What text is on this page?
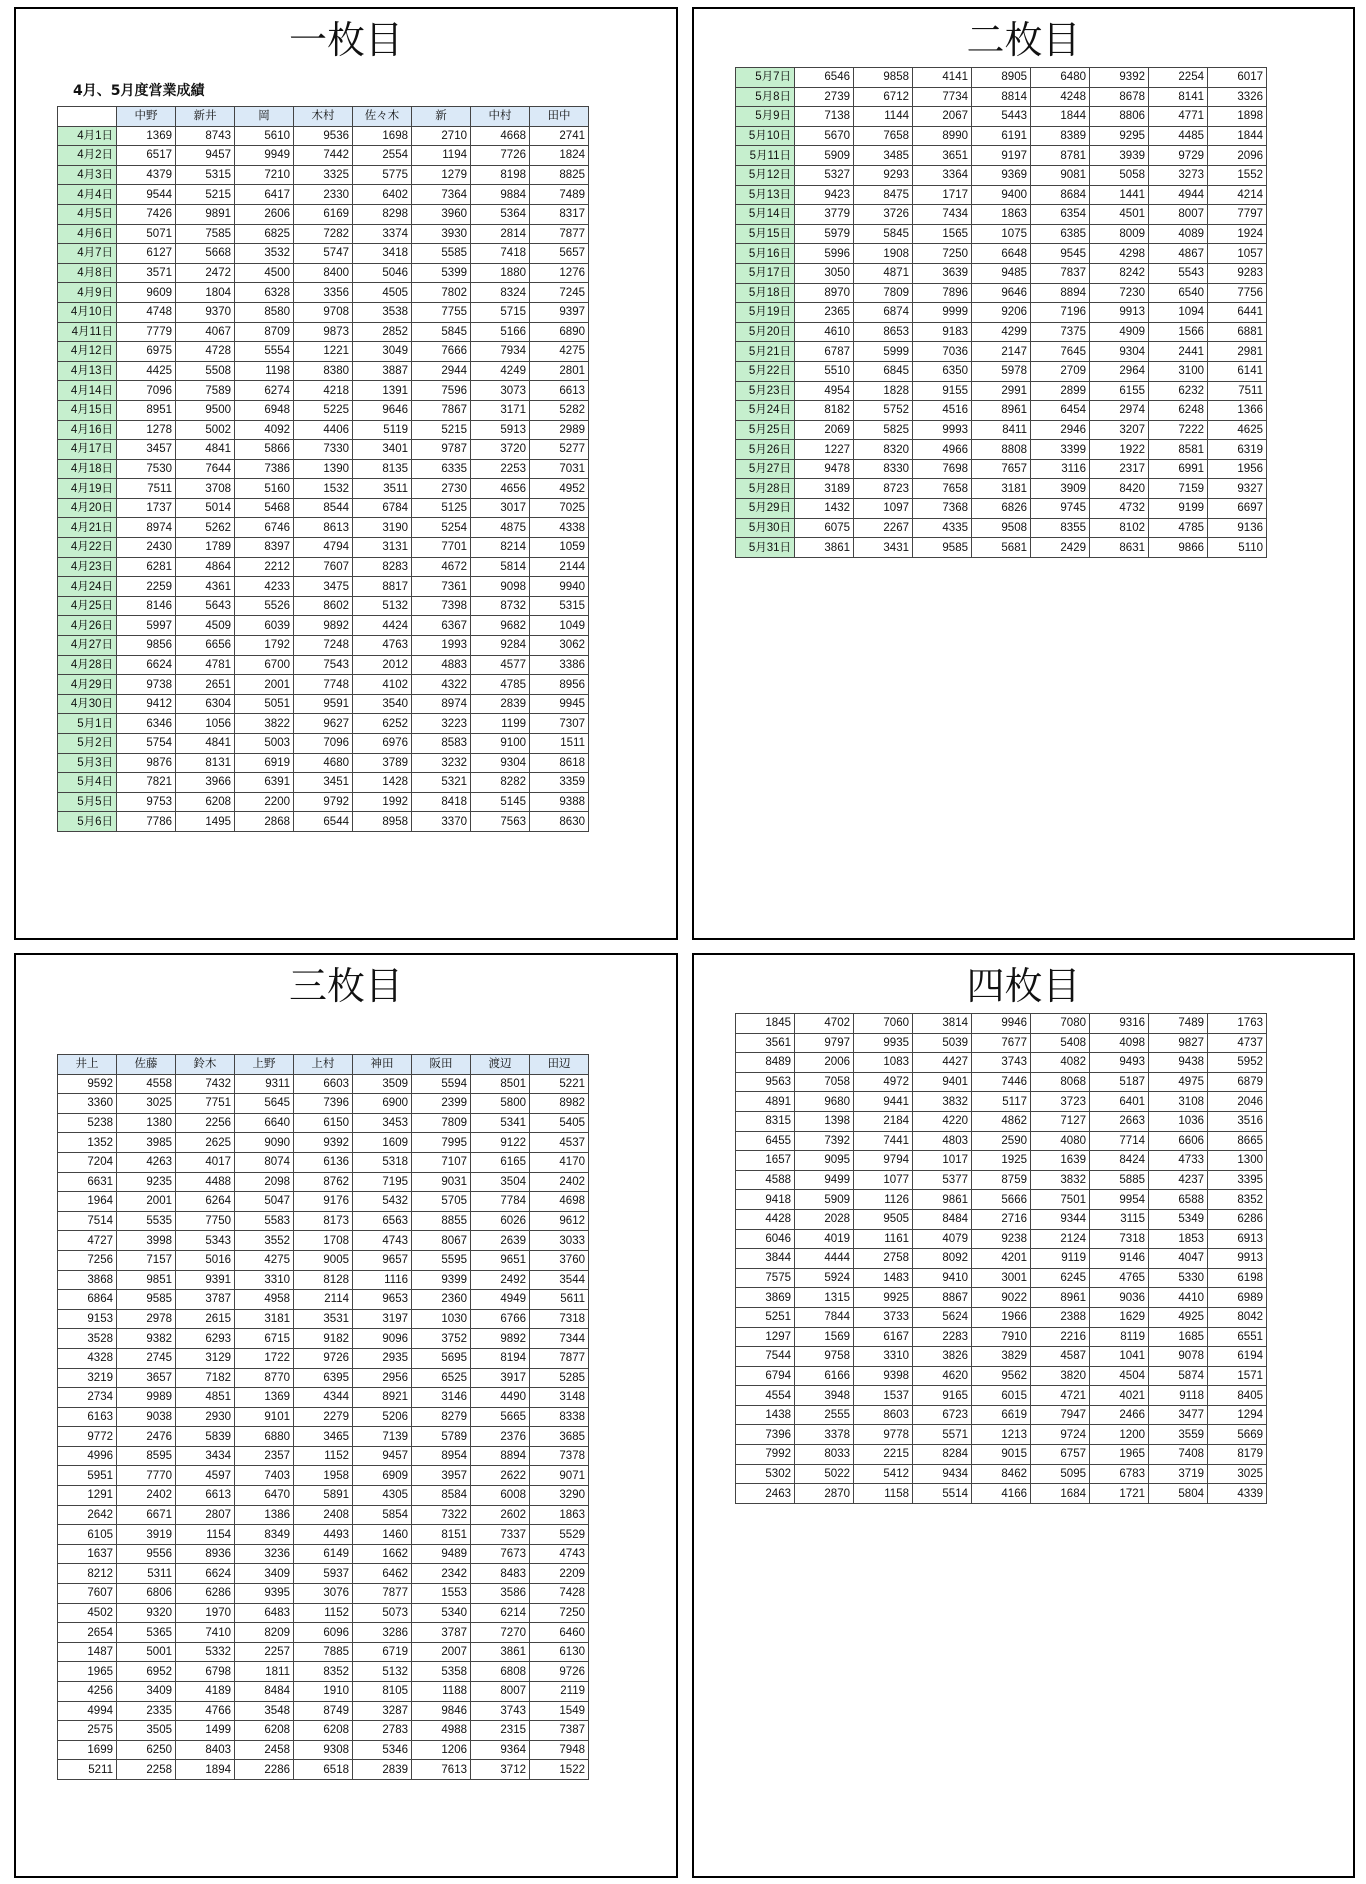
一枚目
4月、5月度営業成績
二枚目
三枚目	四枚目
	中野	新井	岡	木村	佐々木	新	中村	田中
4月1日	1369	8743	5610	9536	1698	2710	4668	2741
4月2日	6517	9457	9949	7442	2554	1194	7726	1824
4月3日	4379	5315	7210	3325	5775	1279	8198	8825
4月4日	9544	5215	6417	2330	6402	7364	9884	7489
4月5日	7426	9891	2606	6169	8298	3960	5364	8317
4月6日	5071	7585	6825	7282	3374	3930	2814	7877
4月7日	6127	5668	3532	5747	3418	5585	7418	5657
4月8日	3571	2472	4500	8400	5046	5399	1880	1276
4月9日	9609	1804	6328	3356	4505	7802	8324	7245
4月10日	4748	9370	8580	9708	3538	7755	5715	9397
4月11日	7779	4067	8709	9873	2852	5845	5166	6890
4月12日	6975	4728	5554	1221	3049	7666	7934	4275
4月13日	4425	5508	1198	8380	3887	2944	4249	2801
4月14日	7096	7589	6274	4218	1391	7596	3073	6613
4月15日	8951	9500	6948	5225	9646	7867	3171	5282
4月16日	1278	5002	4092	4406	5119	5215	5913	2989
4月17日	3457	4841	5866	7330	3401	9787	3720	5277
4月18日	7530	7644	7386	1390	8135	6335	2253	7031
4月19日	7511	3708	5160	1532	3511	2730	4656	4952
4月20日	1737	5014	5468	8544	6784	5125	3017	7025
4月21日	8974	5262	6746	8613	3190	5254	4875	4338
4月22日	2430	1789	8397	4794	3131	7701	8214	1059
4月23日	6281	4864	2212	7607	8283	4672	5814	2144
4月24日	2259	4361	4233	3475	8817	7361	9098	9940
4月25日	8146	5643	5526	8602	5132	7398	8732	5315
4月26日	5997	4509	6039	9892	4424	6367	9682	1049
4月27日	9856	6656	1792	7248	4763	1993	9284	3062
4月28日	6624	4781	6700	7543	2012	4883	4577	3386
4月29日	9738	2651	2001	7748	4102	4322	4785	8956
4月30日	9412	6304	5051	9591	3540	8974	2839	9945
5月1日	6346	1056	3822	9627	6252	3223	1199	7307
5月2日	5754	4841	5003	7096	6976	8583	9100	1511
5月3日	9876	8131	6919	4680	3789	3232	9304	8618
5月4日	7821	3966	6391	3451	1428	5321	8282	3359
5月5日	9753	6208	2200	9792	1992	8418	5145	9388
5月6日	7786	1495	2868	6544	8958	3370	7563	8630
5月7日	6546	9858	4141	8905	6480	9392	2254	6017
5月8日	2739	6712	7734	8814	4248	8678	8141	3326
5月9日	7138	1144	2067	5443	1844	8806	4771	1898
5月10日	5670	7658	8990	6191	8389	9295	4485	1844
5月11日	5909	3485	3651	9197	8781	3939	9729	2096
5月12日	5327	9293	3364	9369	9081	5058	3273	1552
5月13日	9423	8475	1717	9400	8684	1441	4944	4214
5月14日	3779	3726	7434	1863	6354	4501	8007	7797
5月15日	5979	5845	1565	1075	6385	8009	4089	1924
5月16日	5996	1908	7250	6648	9545	4298	4867	1057
5月17日	3050	4871	3639	9485	7837	8242	5543	9283
5月18日	8970	7809	7896	9646	8894	7230	6540	7756
5月19日	2365	6874	9999	9206	7196	9913	1094	6441
5月20日	4610	8653	9183	4299	7375	4909	1566	6881
5月21日	6787	5999	7036	2147	7645	9304	2441	2981
5月22日	5510	6845	6350	5978	2709	2964	3100	6141
5月23日	4954	1828	9155	2991	2899	6155	6232	7511
5月24日	8182	5752	4516	8961	6454	2974	6248	1366
5月25日	2069	5825	9993	8411	2946	3207	7222	4625
5月26日	1227	8320	4966	8808	3399	1922	8581	6319
5月27日	9478	8330	7698	7657	3116	2317	6991	1956
5月28日	3189	8723	7658	3181	3909	8420	7159	9327
5月29日	1432	1097	7368	6826	9745	4732	9199	6697
5月30日	6075	2267	4335	9508	8355	8102	4785	9136
5月31日	3861	3431	9585	5681	2429	8631	9866	5110
井上	佐藤	鈴木	上野	上村	神田	阪田	渡辺	田辺
9592	4558	7432	9311	6603	3509	5594	8501	5221
3360	3025	7751	5645	7396	6900	2399	5800	8982
5238	1380	2256	6640	6150	3453	7809	5341	5405
1352	3985	2625	9090	9392	1609	7995	9122	4537
7204	4263	4017	8074	6136	5318	7107	6165	4170
6631	9235	4488	2098	8762	7195	9031	3504	2402
1964	2001	6264	5047	9176	5432	5705	7784	4698
7514	5535	7750	5583	8173	6563	8855	6026	9612
4727	3998	5343	3552	1708	4743	8067	2639	3033
7256	7157	5016	4275	9005	9657	5595	9651	3760
3868	9851	9391	3310	8128	1116	9399	2492	3544
6864	9585	3787	4958	2114	9653	2360	4949	5611
9153	2978	2615	3181	3531	3197	1030	6766	7318
3528	9382	6293	6715	9182	9096	3752	9892	7344
4328	2745	3129	1722	9726	2935	5695	8194	7877
3219	3657	7182	8770	6395	2956	6525	3917	5285
2734	9989	4851	1369	4344	8921	3146	4490	3148
6163	9038	2930	9101	2279	5206	8279	5665	8338
9772	2476	5839	6880	3465	7139	5789	2376	3685
4996	8595	3434	2357	1152	9457	8954	8894	7378
5951	7770	4597	7403	1958	6909	3957	2622	9071
1291	2402	6613	6470	5891	4305	8584	6008	3290
2642	6671	2807	1386	2408	5854	7322	2602	1863
6105	3919	1154	8349	4493	1460	8151	7337	5529
1637	9556	8936	3236	6149	1662	9489	7673	4743
8212	5311	6624	3409	5937	6462	2342	8483	2209
7607	6806	6286	9395	3076	7877	1553	3586	7428
4502	9320	1970	6483	1152	5073	5340	6214	7250
2654	5365	7410	8209	6096	3286	3787	7270	6460
1487	5001	5332	2257	7885	6719	2007	3861	6130
1965	6952	6798	1811	8352	5132	5358	6808	9726
4256	3409	4189	8484	1910	8105	1188	8007	2119
4994	2335	4766	3548	8749	3287	9846	3743	1549
2575	3505	1499	6208	6208	2783	4988	2315	7387
1699	6250	8403	2458	9308	5346	1206	9364	7948
5211	2258	1894	2286	6518	2839	7613	3712	1522
1845	4702	7060	3814	9946	7080	9316	7489	1763
3561	9797	9935	5039	7677	5408	4098	9827	4737
8489	2006	1083	4427	3743	4082	9493	9438	5952
9563	7058	4972	9401	7446	8068	5187	4975	6879
4891	9680	9441	3832	5117	3723	6401	3108	2046
8315	1398	2184	4220	4862	7127	2663	1036	3516
6455	7392	7441	4803	2590	4080	7714	6606	8665
1657	9095	9794	1017	1925	1639	8424	4733	1300
4588	9499	1077	5377	8759	3832	5885	4237	3395
9418	5909	1126	9861	5666	7501	9954	6588	8352
4428	2028	9505	8484	2716	9344	3115	5349	6286
6046	4019	1161	4079	9238	2124	7318	1853	6913
3844	4444	2758	8092	4201	9119	9146	4047	9913
7575	5924	1483	9410	3001	6245	4765	5330	6198
3869	1315	9925	8867	9022	8961	9036	4410	6989
5251	7844	3733	5624	1966	2388	1629	4925	8042
1297	1569	6167	2283	7910	2216	8119	1685	6551
7544	9758	3310	3826	3829	4587	1041	9078	6194
6794	6166	9398	4620	9562	3820	4504	5874	1571
4554	3948	1537	9165	6015	4721	4021	9118	8405
1438	2555	8603	6723	6619	7947	2466	3477	1294
7396	3378	9778	5571	1213	9724	1200	3559	5669
7992	8033	2215	8284	9015	6757	1965	7408	8179
5302	5022	5412	9434	8462	5095	6783	3719	3025
2463	2870	1158	5514	4166	1684	1721	5804	4339
